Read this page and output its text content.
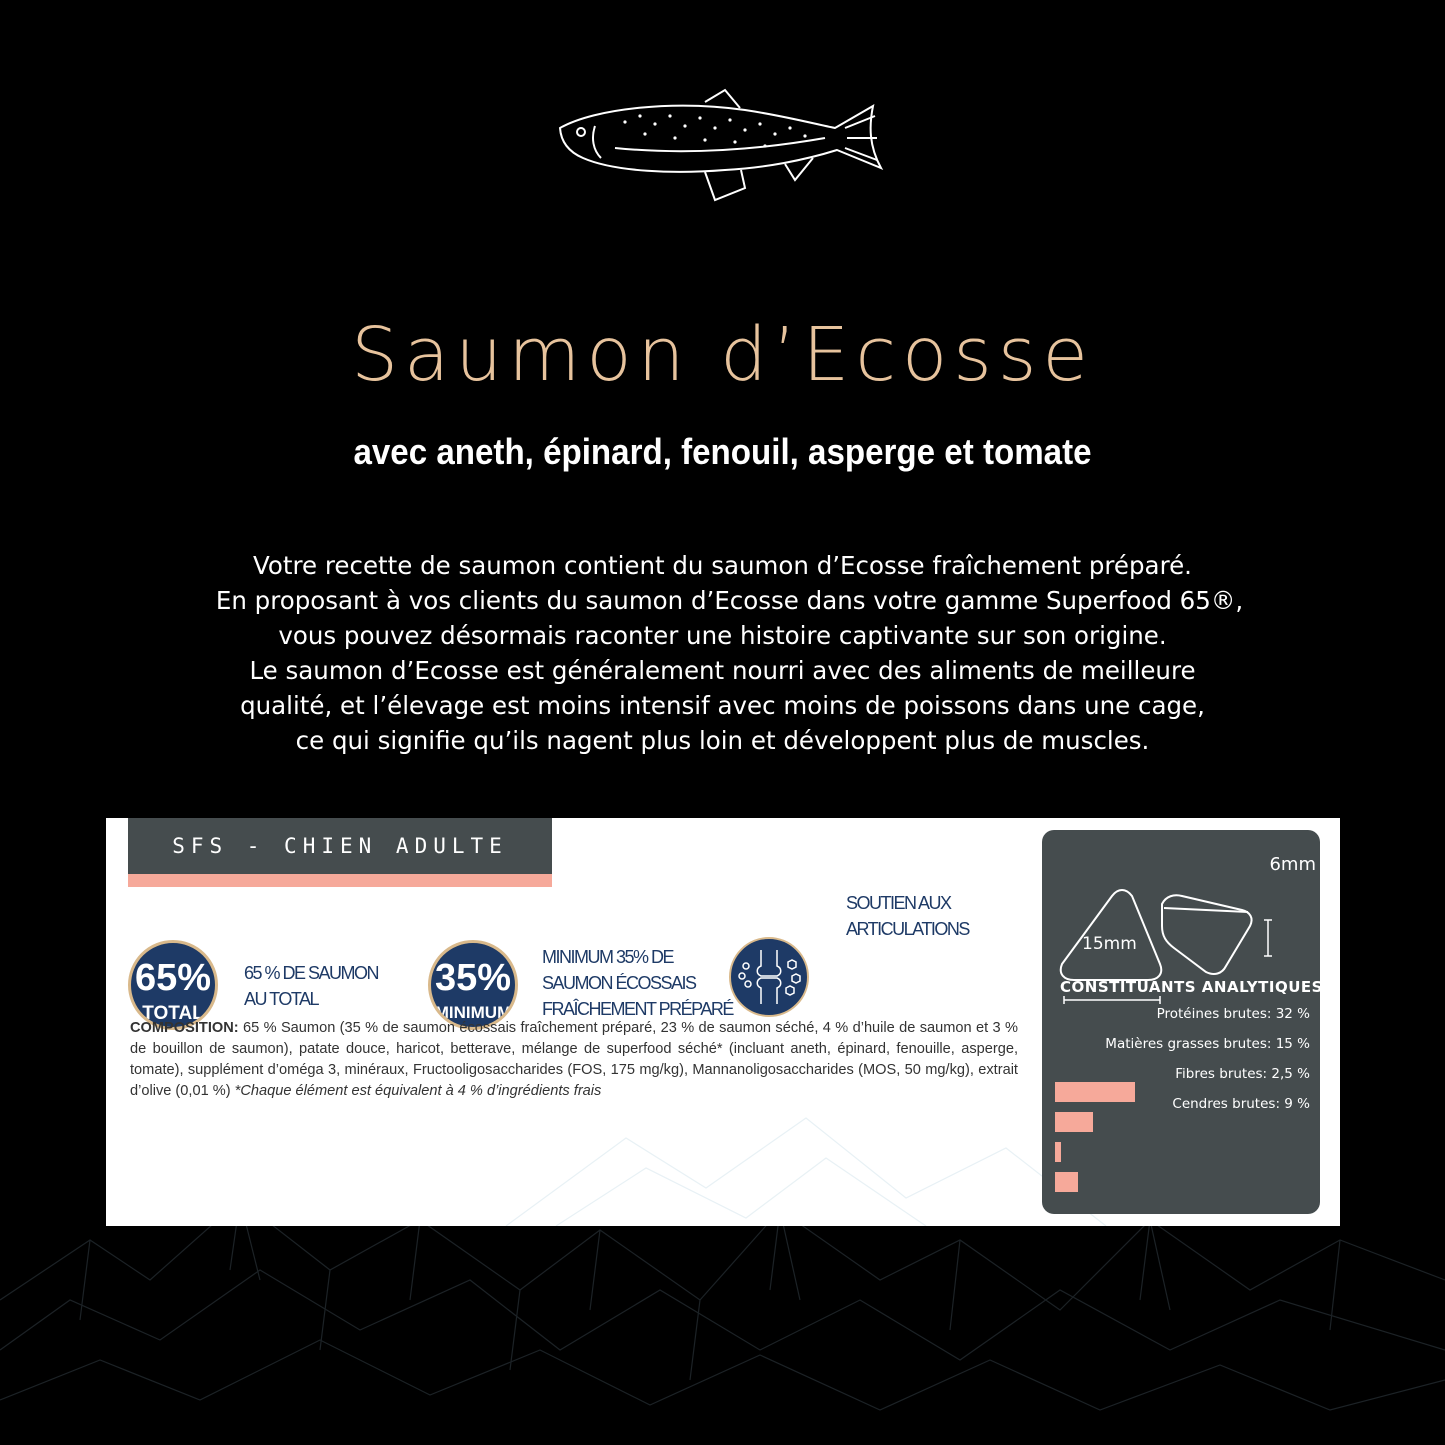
Saumon d’Ecosse
avec aneth, épinard, fenouil, asperge et tomate
Votre recette de saumon contient du saumon d’Ecosse fraîchement préparé.
En proposant à vos clients du saumon d’Ecosse dans votre gamme Superfood 65®,
vous pouvez désormais raconter une histoire captivante sur son origine.
Le saumon d’Ecosse est généralement nourri avec des aliments de meilleure
qualité, et l’élevage est moins intensif avec moins de poissons dans une cage,
ce qui signifie qu’ils nagent plus loin et développent plus de muscles.
SFS - CHIEN ADULTE
65%
TOTAL
65 % DE SAUMON
AU TOTAL	35%
MINIMUM
MINIMUM 35% DE
SAUMON ÉCOSSAIS
FRAÎCHEMENT PRÉPARÉ
SOUTIEN AUX
ARTICULATIONS
COMPOSITION: 65 % Saumon (35 % de saumon écossais fraîchement préparé, 23 % de saumon séché, 4 % d’huile de saumon et 3 % de bouillon de saumon), patate douce, haricot, betterave, mélange de superfood séché* (incluant aneth, épinard, fenouille, asperge, tomate), supplément d’oméga 3, minéraux, Fructooligosaccharides (FOS, 175 mg/kg), Mannanoligosaccharides (MOS, 50 mg/kg), extrait d’olive (0,01 %) *Chaque élément est équivalent à 4 % d’ingrédients frais
6mm
15mm
CONSTITUANTS ANALYTIQUES
Protéines brutes: 32 %
Matières grasses brutes: 15 %
Fibres brutes: 2,5 %
Cendres brutes: 9 %
